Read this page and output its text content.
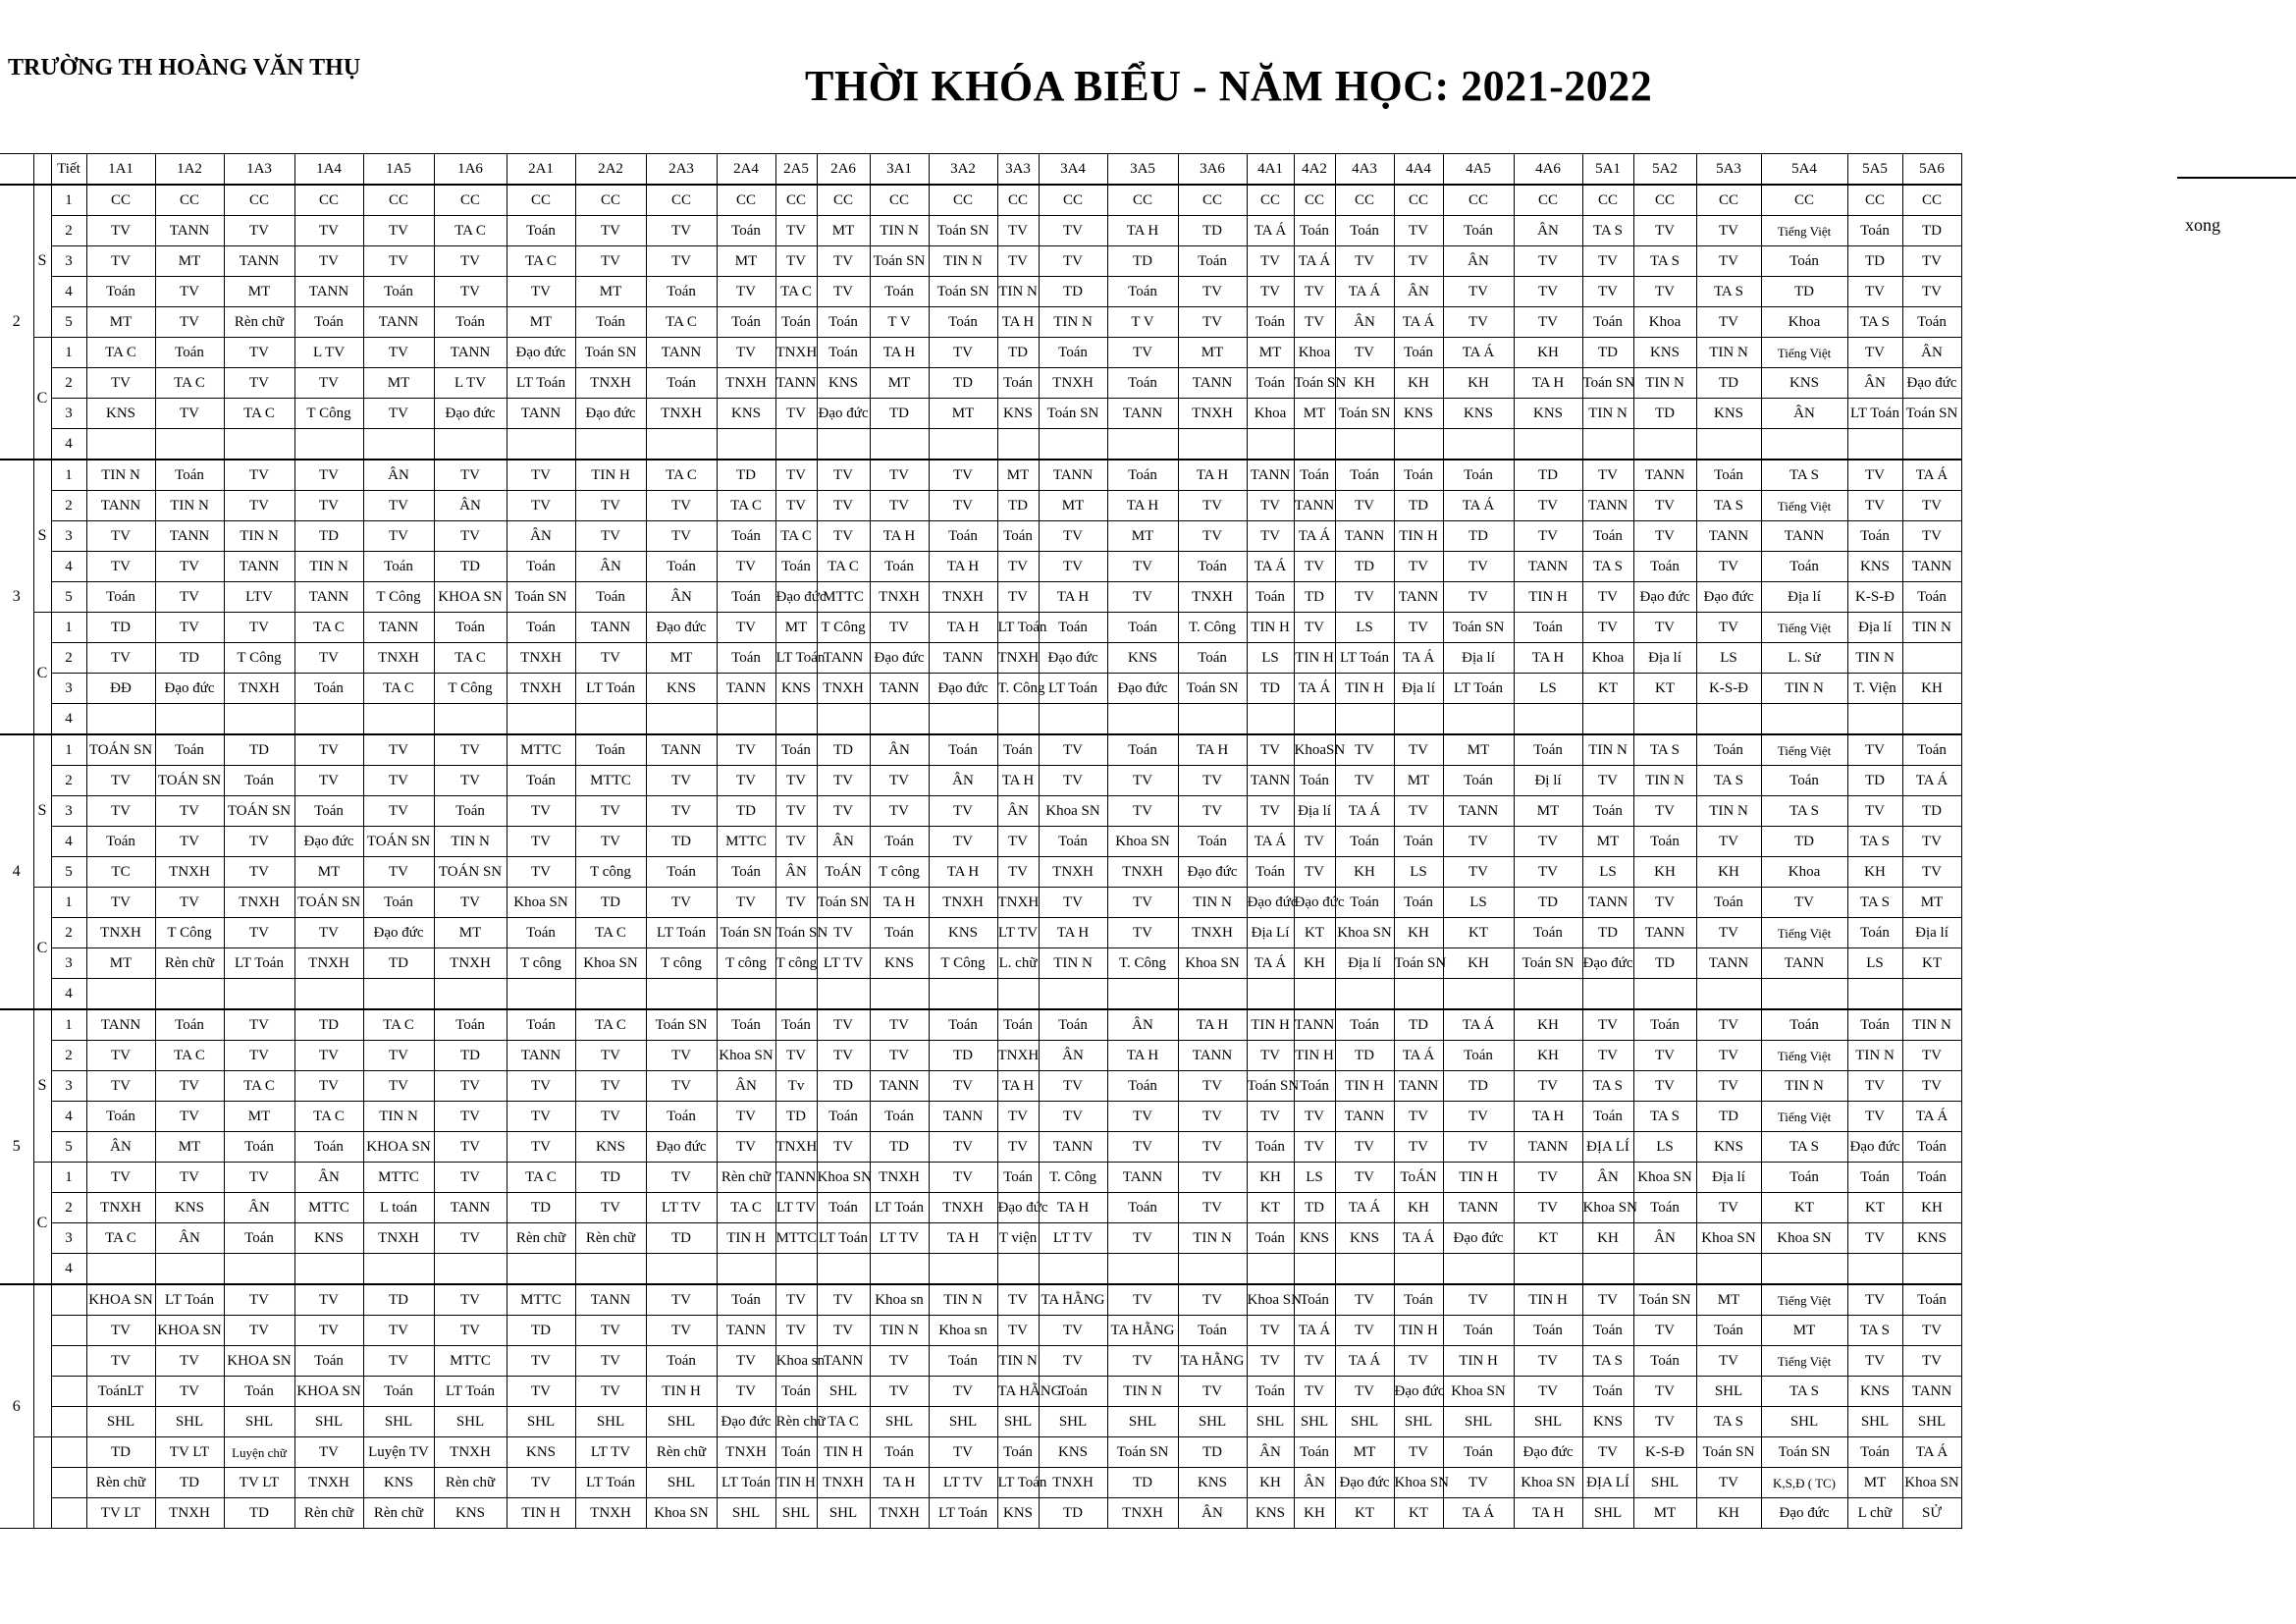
TRƯỜNG TH HOÀNG VĂN THỤ	THỜI KHÓA BIỂU - NĂM HỌC: 2021-2022
xong
		Tiết	1A1	1A2	1A3	1A4	1A5	1A6	2A1	2A2	2A3	2A4	2A5	2A6	3A1	3A2	3A3	3A4	3A5	3A6	4A1	4A2	4A3	4A4	4A5	4A6	5A1	5A2	5A3	5A4	5A5	5A6
2	S	1	CC	CC	CC	CC	CC	CC	CC	CC	CC	CC	CC	CC	CC	CC	CC	CC	CC	CC	CC	CC	CC	CC	CC	CC	CC	CC	CC	CC	CC	CC
		2	TV	TANN	TV	TV	TV	TA C	Toán	TV	TV	Toán	TV	MT	TIN N	Toán SN	TV	TV	TA H	TD	TA Á	Toán	Toán	TV	Toán	ÂN	TA S	TV	TV	Tiếng Việt	Toán	TD
		3	TV	MT	TANN	TV	TV	TV	TA C	TV	TV	MT	TV	TV	Toán SN	TIN N	TV	TV	TD	Toán	TV	TA Á	TV	TV	ÂN	TV	TV	TA S	TV	Toán	TD	TV
		4	Toán	TV	MT	TANN	Toán	TV	TV	MT	Toán	TV	TA C	TV	Toán	Toán SN	TIN N	TD	Toán	TV	TV	TV	TA Á	ÂN	TV	TV	TV	TV	TA S	TD	TV	TV
		5	MT	TV	Rèn chữ	Toán	TANN	Toán	MT	Toán	TA C	Toán	Toán	Toán	T V	Toán	TA H	TIN N	T V	TV	Toán	TV	ÂN	TA Á	TV	TV	Toán	Khoa	TV	Khoa	TA S	Toán
	C	1	TA C	Toán	TV	L TV	TV	TANN	Đạo đức	Toán SN	TANN	TV	TNXH	Toán	TA H	TV	TD	Toán	TV	MT	MT	Khoa	TV	Toán	TA Á	KH	TD	KNS	TIN N	Tiếng Việt	TV	ÂN
		2	TV	TA C	TV	TV	MT	L TV	LT Toán	TNXH	Toán	TNXH	TANN	KNS	MT	TD	Toán	TNXH	Toán	TANN	Toán	Toán SN	KH	KH	KH	TA H	Toán SN	TIN N	TD	KNS	ÂN	Đạo đức
		3	KNS	TV	TA C	T Công	TV	Đạo đức	TANN	Đạo đức	TNXH	KNS	TV	Đạo đức	TD	MT	KNS	Toán SN	TANN	TNXH	Khoa	MT	Toán SN	KNS	KNS	KNS	TIN N	TD	KNS	ÂN	LT Toán	Toán SN
		4																														
3	S	1	TIN N	Toán	TV	TV	ÂN	TV	TV	TIN H	TA C	TD	TV	TV	TV	TV	MT	TANN	Toán	TA H	TANN	Toán	Toán	Toán	Toán	TD	TV	TANN	Toán	TA S	TV	TA Á
		2	TANN	TIN N	TV	TV	TV	ÂN	TV	TV	TV	TA C	TV	TV	TV	TV	TD	MT	TA H	TV	TV	TANN	TV	TD	TA Á	TV	TANN	TV	TA S	Tiếng Việt	TV	TV
		3	TV	TANN	TIN N	TD	TV	TV	ÂN	TV	TV	Toán	TA C	TV	TA H	Toán	Toán	TV	MT	TV	TV	TA Á	TANN	TIN H	TD	TV	Toán	TV	TANN	TANN	Toán	TV
		4	TV	TV	TANN	TIN N	Toán	TD	Toán	ÂN	Toán	TV	Toán	TA C	Toán	TA H	TV	TV	TV	Toán	TA Á	TV	TD	TV	TV	TANN	TA S	Toán	TV	Toán	KNS	TANN
		5	Toán	TV	LTV	TANN	T Công	KHOA SN	Toán SN	Toán	ÂN	Toán	Đạo đức	MTTC	TNXH	TNXH	TV	TA H	TV	TNXH	Toán	TD	TV	TANN	TV	TIN H	TV	Đạo đức	Đạo đức	Địa lí	K-S-Đ	Toán
	C	1	TD	TV	TV	TA C	TANN	Toán	Toán	TANN	Đạo đức	TV	MT	T Công	TV	TA H	LT Toán	Toán	Toán	T. Công	TIN H	TV	LS	TV	Toán SN	Toán	TV	TV	TV	Tiếng Việt	Địa lí	TIN N
		2	TV	TD	T Công	TV	TNXH	TA C	TNXH	TV	MT	Toán	LT Toán	TANN	Đạo đức	TANN	TNXH	Đạo đức	KNS	Toán	LS	TIN H	LT Toán	TA Á	Địa lí	TA H	Khoa	Địa lí	LS	L. Sử	TIN N	
		3	ĐĐ	Đạo đức	TNXH	Toán	TA C	T Công	TNXH	LT Toán	KNS	TANN	KNS	TNXH	TANN	Đạo đức	T. Công	LT Toán	Đạo đức	Toán SN	TD	TA Á	TIN H	Địa lí	LT Toán	LS	KT	KT	K-S-Đ	TIN N	T. Viện	KH
		4																														
4	S	1	TOÁN SN	Toán	TD	TV	TV	TV	MTTC	Toán	TANN	TV	Toán	TD	ÂN	Toán	Toán	TV	Toán	TA H	TV	KhoaSN	TV	TV	MT	Toán	TIN N	TA S	Toán	Tiếng Việt	TV	Toán
		2	TV	TOÁN SN	Toán	TV	TV	TV	Toán	MTTC	TV	TV	TV	TV	TV	ÂN	TA H	TV	TV	TV	TANN	Toán	TV	MT	Toán	Đị lí	TV	TIN N	TA S	Toán	TD	TA Á
		3	TV	TV	TOÁN SN	Toán	TV	Toán	TV	TV	TV	TD	TV	TV	TV	TV	ÂN	Khoa SN	TV	TV	TV	Địa lí	TA Á	TV	TANN	MT	Toán	TV	TIN N	TA S	TV	TD
		4	Toán	TV	TV	Đạo đức	TOÁN SN	TIN N	TV	TV	TD	MTTC	TV	ÂN	Toán	TV	TV	Toán	Khoa SN	Toán	TA Á	TV	Toán	Toán	TV	TV	MT	Toán	TV	TD	TA S	TV
		5	TC	TNXH	TV	MT	TV	TOÁN SN	TV	T công	Toán	Toán	ÂN	ToÁN	T công	TA H	TV	TNXH	TNXH	Đạo đức	Toán	TV	KH	LS	TV	TV	LS	KH	KH	Khoa	KH	TV
	C	1	TV	TV	TNXH	TOÁN SN	Toán	TV	Khoa SN	TD	TV	TV	TV	Toán SN	TA H	TNXH	TNXH	TV	TV	TIN N	Đạo đức	Đạo đức	Toán	Toán	LS	TD	TANN	TV	Toán	TV	TA S	MT
		2	TNXH	T Công	TV	TV	Đạo đức	MT	Toán	TA C	LT Toán	Toán SN	Toán SN	TV	Toán	KNS	LT TV	TA H	TV	TNXH	Địa Lí	KT	Khoa SN	KH	KT	Toán	TD	TANN	TV	Tiếng Việt	Toán	Địa lí
		3	MT	Rèn chữ	LT Toán	TNXH	TD	TNXH	T công	Khoa SN	T công	T công	T công	LT TV	KNS	T Công	L. chữ	TIN N	T. Công	Khoa SN	TA Á	KH	Địa lí	Toán SN	KH	Toán SN	Đạo đức	TD	TANN	TANN	LS	KT
		4																														
5	S	1	TANN	Toán	TV	TD	TA C	Toán	Toán	TA C	Toán SN	Toán	Toán	TV	TV	Toán	Toán	Toán	ÂN	TA H	TIN H	TANN	Toán	TD	TA Á	KH	TV	Toán	TV	Toán	Toán	TIN N
		2	TV	TA C	TV	TV	TV	TD	TANN	TV	TV	Khoa SN	TV	TV	TV	TD	TNXH	ÂN	TA H	TANN	TV	TIN H	TD	TA Á	Toán	KH	TV	TV	TV	Tiếng Việt	TIN N	TV
		3	TV	TV	TA C	TV	TV	TV	TV	TV	TV	ÂN	Tv	TD	TANN	TV	TA H	TV	Toán	TV	Toán SN	Toán	TIN H	TANN	TD	TV	TA S	TV	TV	TIN N	TV	TV
		4	Toán	TV	MT	TA C	TIN N	TV	TV	TV	Toán	TV	TD	Toán	Toán	TANN	TV	TV	TV	TV	TV	TV	TANN	TV	TV	TA H	Toán	TA S	TD	Tiếng Việt	TV	TA Á
		5	ÂN	MT	Toán	Toán	KHOA SN	TV	TV	KNS	Đạo đức	TV	TNXH	TV	TD	TV	TV	TANN	TV	TV	Toán	TV	TV	TV	TV	TANN	ĐỊA LÍ	LS	KNS	TA S	Đạo đức	Toán
	C	1	TV	TV	TV	ÂN	MTTC	TV	TA C	TD	TV	Rèn chữ	TANN	Khoa SN	TNXH	TV	Toán	T. Công	TANN	TV	KH	LS	TV	ToÁN	TIN H	TV	ÂN	Khoa SN	Địa lí	Toán	Toán	Toán
		2	TNXH	KNS	ÂN	MTTC	L toán	TANN	TD	TV	LT TV	TA C	LT TV	Toán	LT Toán	TNXH	Đạo đức	TA H	Toán	TV	KT	TD	TA Á	KH	TANN	TV	Khoa SN	Toán	TV	KT	KT	KH
		3	TA C	ÂN	Toán	KNS	TNXH	TV	Rèn chữ	Rèn chữ	TD	TIN H	MTTC	LT Toán	LT TV	TA H	T viện	LT TV	TV	TIN N	Toán	KNS	KNS	TA Á	Đạo đức	KT	KH	ÂN	Khoa SN	Khoa SN	TV	KNS
		4																														
6			KHOA SN	LT Toán	TV	TV	TD	TV	MTTC	TANN	TV	Toán	TV	TV	Khoa sn	TIN N	TV	TA HẰNG	TV	TV	Khoa SN	Toán	TV	Toán	TV	TIN H	TV	Toán SN	MT	Tiếng Việt	TV	Toán
			TV	KHOA SN	TV	TV	TV	TV	TD	TV	TV	TANN	TV	TV	TIN N	Khoa sn	TV	TV	TA HẰNG	Toán	TV	TA Á	TV	TIN H	Toán	Toán	Toán	TV	Toán	MT	TA S	TV
			TV	TV	KHOA SN	Toán	TV	MTTC	TV	TV	Toán	TV	Khoa sn	TANN	TV	Toán	TIN N	TV	TV	TA HẰNG	TV	TV	TA Á	TV	TIN H	TV	TA S	Toán	TV	Tiếng Việt	TV	TV
			ToánLT	TV	Toán	KHOA SN	Toán	LT Toán	TV	TV	TIN H	TV	Toán	SHL	TV	TV	TA HẰNG	Toán	TIN N	TV	Toán	TV	TV	Đạo đức	Khoa SN	TV	Toán	TV	SHL	TA S	KNS	TANN
			SHL	SHL	SHL	SHL	SHL	SHL	SHL	SHL	SHL	Đạo đức	Rèn chữ	TA C	SHL	SHL	SHL	SHL	SHL	SHL	SHL	SHL	SHL	SHL	SHL	SHL	KNS	TV	TA S	SHL	SHL	SHL
			TD	TV LT	Luyện chữ	TV	Luyện TV	TNXH	KNS	LT TV	Rèn chữ	TNXH	Toán	TIN H	Toán	TV	Toán	KNS	Toán SN	TD	ÂN	Toán	MT	TV	Toán	Đạo đức	TV	K-S-Đ	Toán SN	Toán SN	Toán	TA Á
			Rèn chữ	TD	TV LT	TNXH	KNS	Rèn chữ	TV	LT Toán	SHL	LT Toán	TIN H	TNXH	TA H	LT TV	LT Toán	TNXH	TD	KNS	KH	ÂN	Đạo đức	Khoa SN	TV	Khoa SN	ĐỊA LÍ	SHL	TV	K,S,Đ ( TC)	MT	Khoa SN
			TV LT	TNXH	TD	Rèn chữ	Rèn chữ	KNS	TIN H	TNXH	Khoa SN	SHL	SHL	SHL	TNXH	LT Toán	KNS	TD	TNXH	ÂN	KNS	KH	KT	KT	TA Á	TA H	SHL	MT	KH	Đạo đức	L chữ	SỬ
